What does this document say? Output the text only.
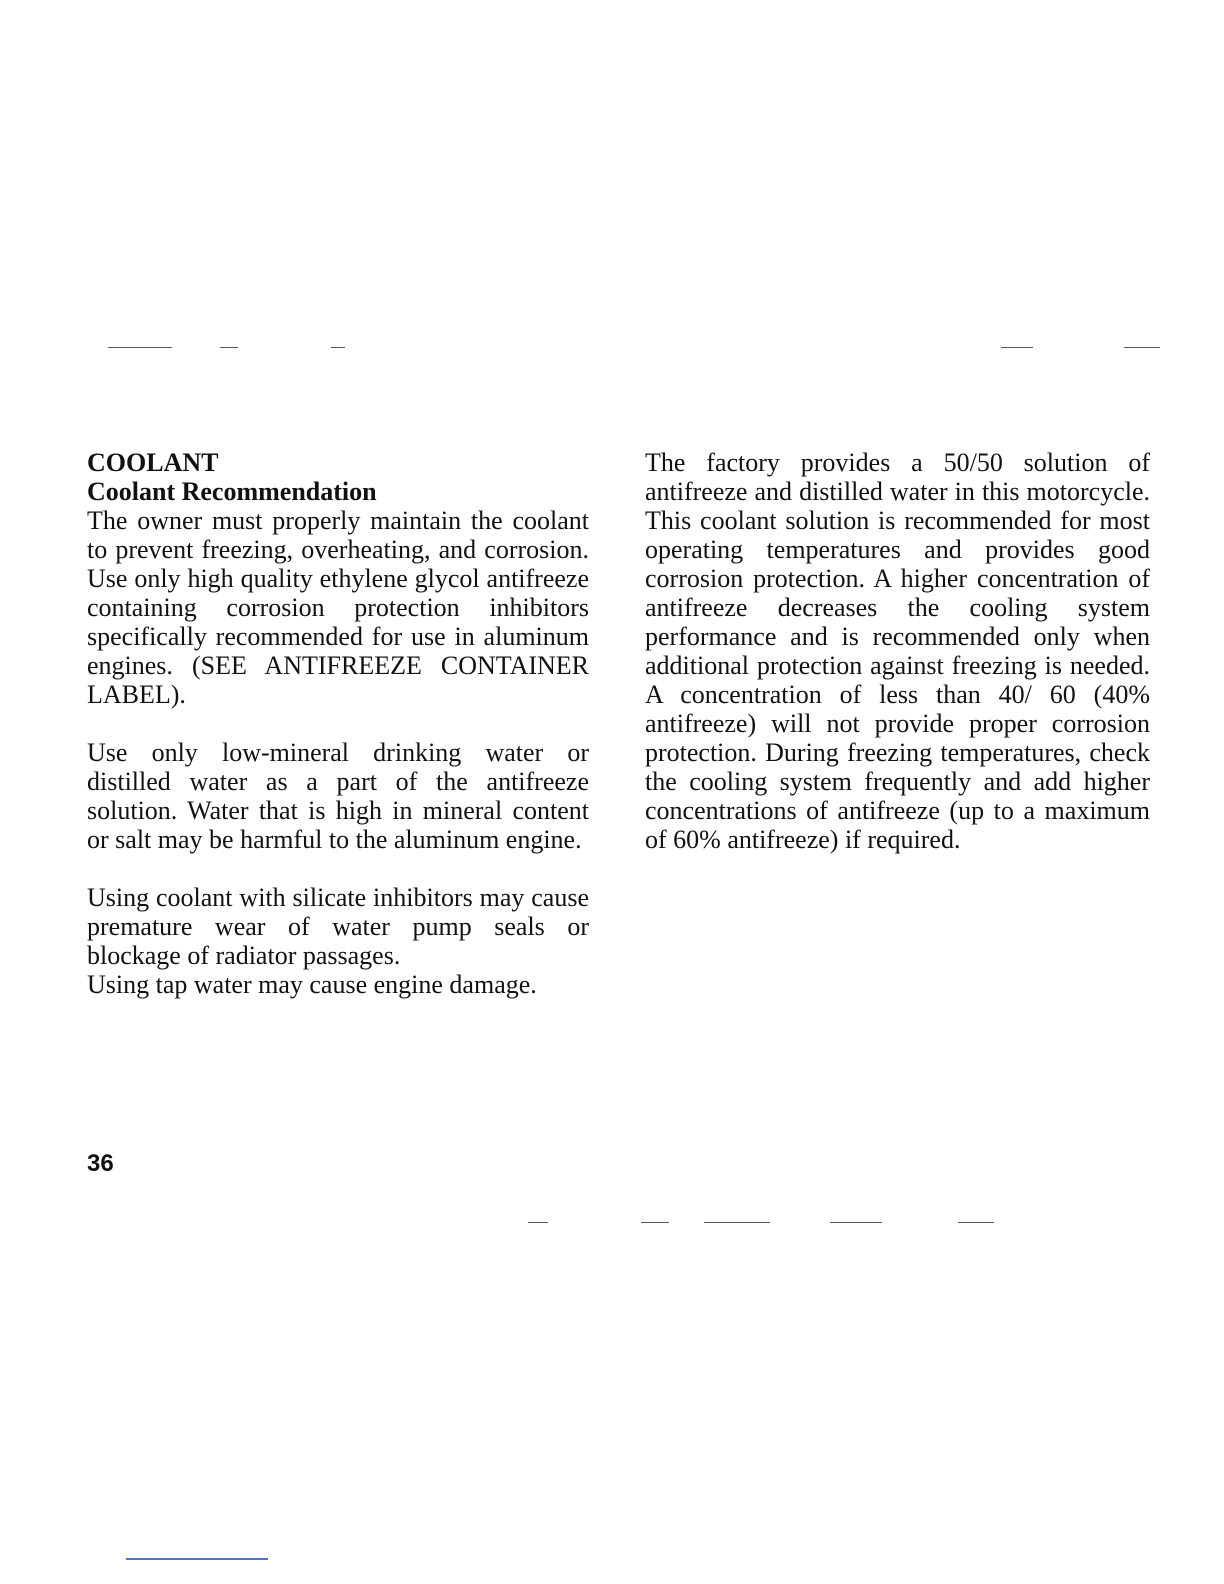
COOLANT
Coolant Recommendation

The owner must properly maintain the coolant to prevent freezing, overheating, and corrosion. Use only high quality ethylene glycol antifreeze containing corrosion protection inhibitors specifically recommended for use in aluminum engines. (SEE ANTIFREEZE CONTAINER LABEL).

Use only low-mineral drinking water or distilled water as a part of the antifreeze solution. Water that is high in mineral content or salt may be harmful to the aluminum engine.

Using coolant with silicate inhibitors may cause premature wear of water pump seals or blockage of radiator passages.

Using tap water may cause engine damage.

The factory provides a 50/50 solution of antifreeze and distilled water in this motorcycle. This coolant solution is recommended for most operating temperatures and provides good corrosion protection. A higher concentration of antifreeze decreases the cooling system performance and is recommended only when additional protection against freezing is needed. A concentration of less than 40/ 60 (40% antifreeze) will not provide proper corrosion protection. During freezing temperatures, check the cooling system frequently and add higher concentrations of antifreeze (up to a maximum of 60% antifreeze) if required.

36
